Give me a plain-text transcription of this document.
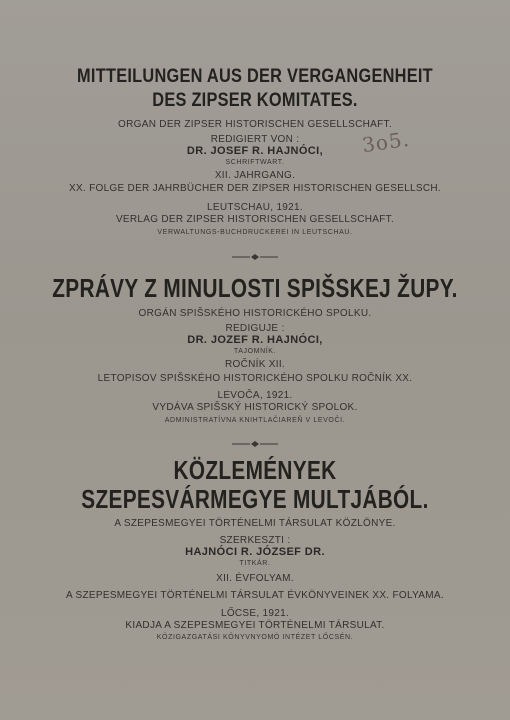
MITTEILUNGEN AUS DER VERGANGENHEIT
DES ZIPSER KOMITATES.
ORGAN DER ZIPSER HISTORISCHEN GESELLSCHAFT.
REDIGIERT VON :
DR. JOSEF R. HAJNÓCI,
SCHRIFTWART.
XII. JAHRGANG.
XX. FOLGE DER JAHRBÜCHER DER ZIPSER HISTORISCHEN GESELLSCH.
LEUTSCHAU, 1921.
VERLAG DER ZIPSER HISTORISCHEN GESELLSCHAFT.
VERWALTUNGS-BUCHDRUCKEREI IN LEUTSCHAU.
3o5.
ZPRÁVY Z MINULOSTI SPIŠSKEJ ŽUPY.
ORGÁN SPIŠSKÉHO HISTORICKÉHO SPOLKU.
REDIGUJE :
DR. JOZEF R. HAJNÓCI,
TAJOMNÍK.
ROČNÍK XII.
LETOPISOV SPIŠSKÉHO HISTORICKÉHO SPOLKU ROČNÍK XX.
LEVOČA, 1921.
VYDÁVA SPIŠSKÝ HISTORICKÝ SPOLOK.
ADMINISTRATÍVNA KNIHTLAČIAREŇ V LEVOČI.
KÖZLEMÉNYEK
SZEPESVÁRMEGYE MULTJÁBÓL.
A SZEPESMEGYEI TÖRTÉNELMI TÁRSULAT KÖZLÖNYE.
SZERKESZTI :
HAJNÓCI R. JÓZSEF DR.
TITKÁR.
XII. ÉVFOLYAM.
A SZEPESMEGYEI TÖRTÉNELMI TÁRSULAT ÉVKÖNYVEINEK XX. FOLYAMA.
LŐCSE, 1921.
KIADJA A SZEPESMEGYEI TÖRTÉNELMI TÁRSULAT.
KÖZIGAZGATÁSI KÖNYVNYOMÓ INTÉZET LŐCSÉN.
